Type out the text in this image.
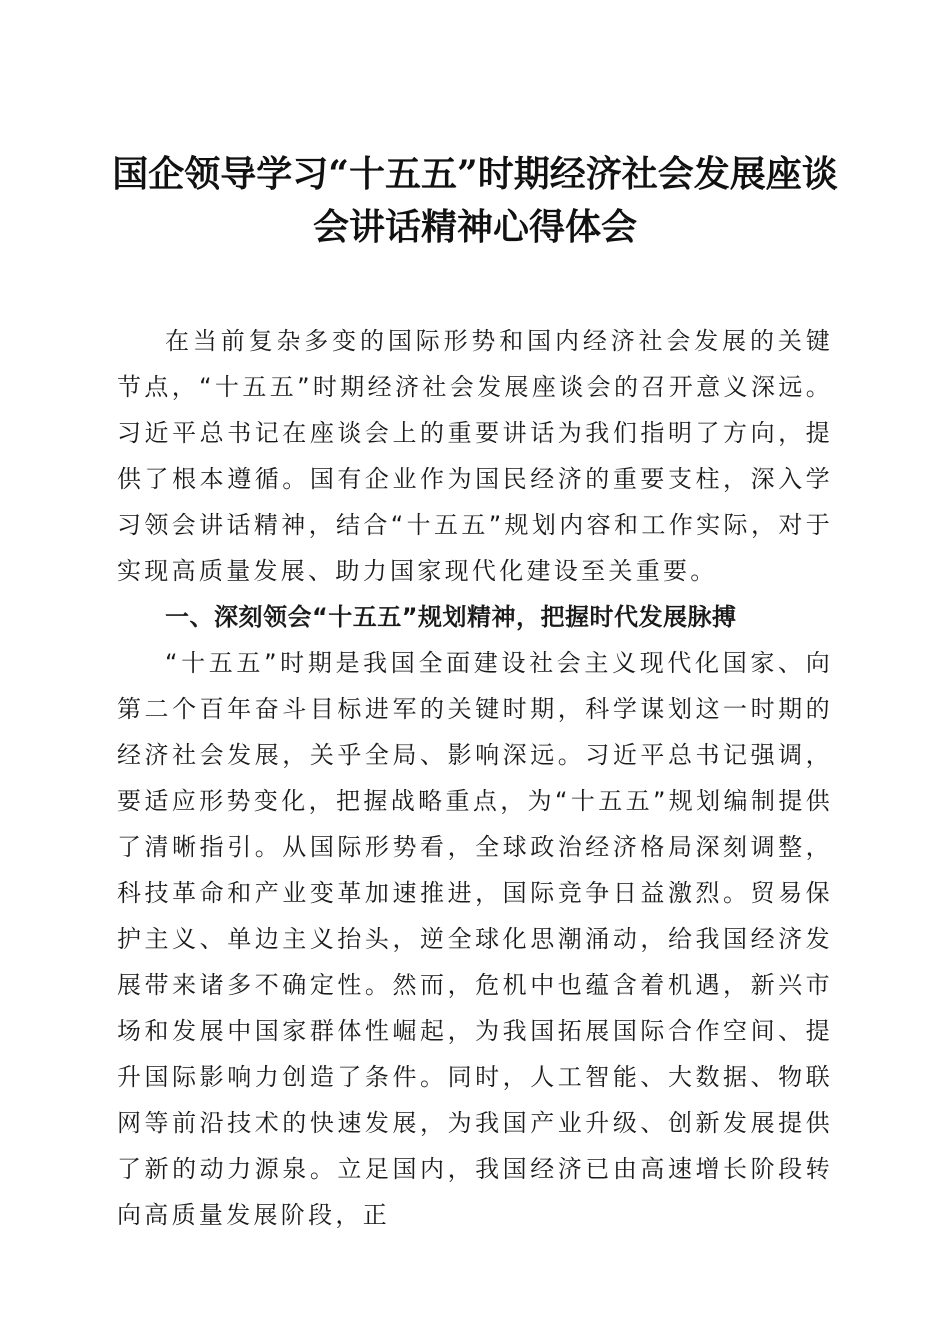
国企领导学习“十五五”时期经济社会发展座谈会讲话精神心得体会

在当前复杂多变的国际形势和国内经济社会发展的关键节点，“十五五”时期经济社会发展座谈会的召开意义深远。习近平总书记在座谈会上的重要讲话为我们指明了方向，提供了根本遵循。国有企业作为国民经济的重要支柱，深入学习领会讲话精神，结合“十五五”规划内容和工作实际，对于实现高质量发展、助力国家现代化建设至关重要。

一、深刻领会“十五五”规划精神，把握时代发展脉搏

“十五五”时期是我国全面建设社会主义现代化国家、向第二个百年奋斗目标进军的关键时期，科学谋划这一时期的经济社会发展，关乎全局、影响深远。习近平总书记强调，要适应形势变化，把握战略重点，为“十五五”规划编制提供了清晰指引。从国际形势看，全球政治经济格局深刻调整，科技革命和产业变革加速推进，国际竞争日益激烈。贸易保护主义、单边主义抬头，逆全球化思潮涌动，给我国经济发展带来诸多不确定性。然而，危机中也蕴含着机遇，新兴市场和发展中国家群体性崛起，为我国拓展国际合作空间、提升国际影响力创造了条件。同时，人工智能、大数据、物联网等前沿技术的快速发展，为我国产业升级、创新发展提供了新的动力源泉。立足国内，我国经济已由高速增长阶段转向高质量发展阶段，正
